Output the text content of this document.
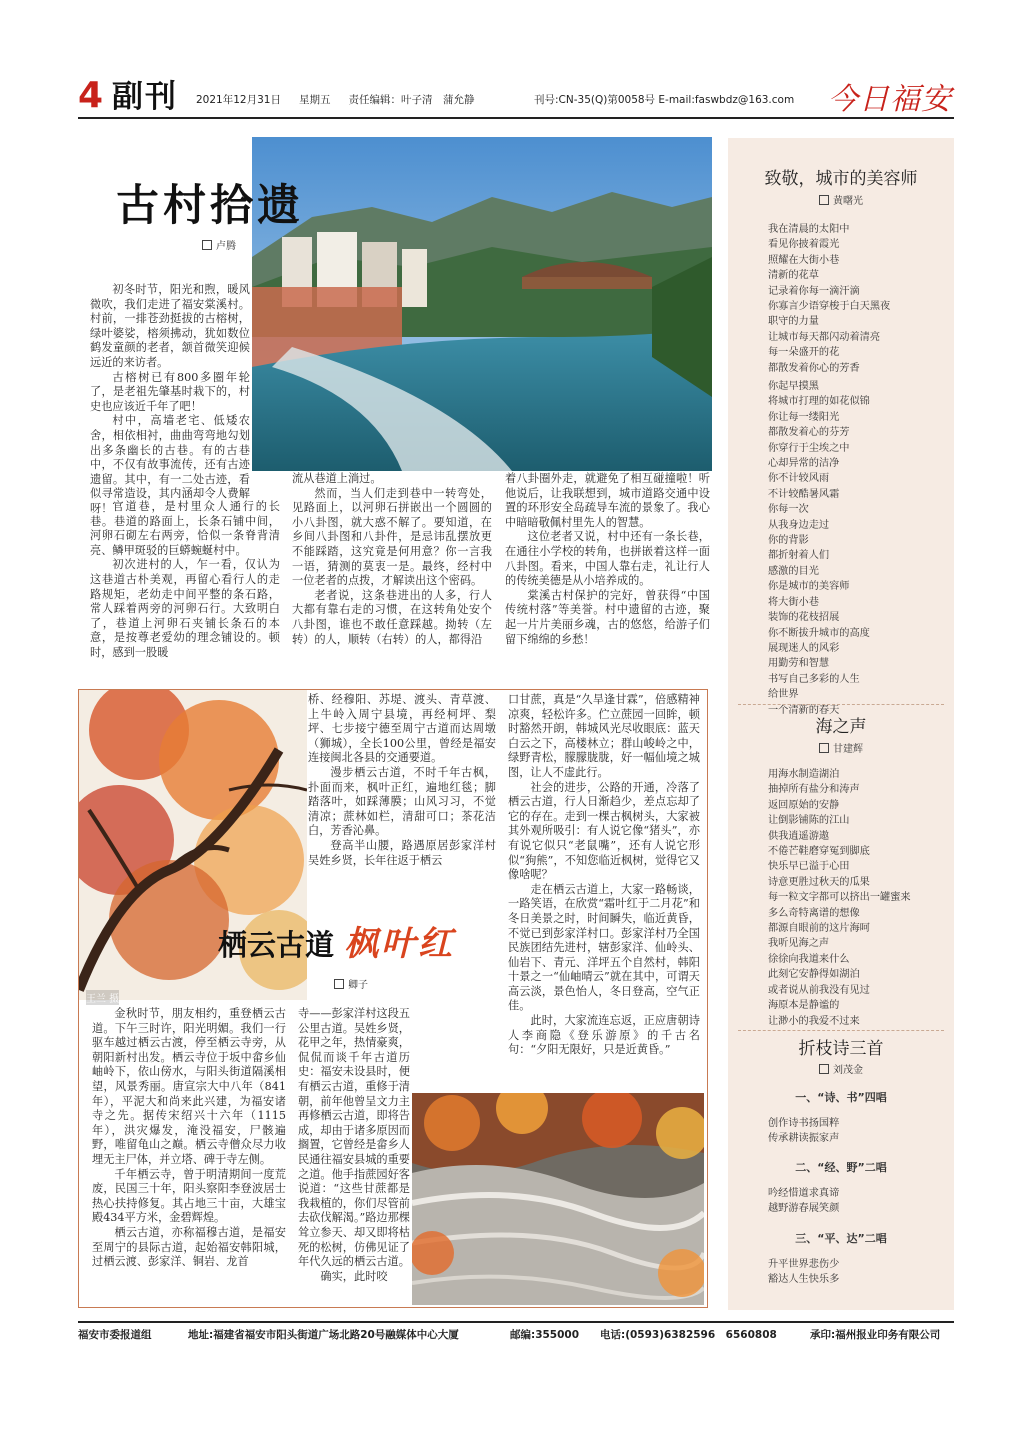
4 副刊 2021年12月31日 星期五 责任编辑：叶子清　蒲允静	刊号:CN-35(Q)第0058号 E-mail:faswbdz@163.com 今日福安
古村拾遗
卢腾

初冬时节，阳光和煦，暖风微吹，我们走进了福安棠溪村。村前，一排苍劲挺拔的古榕树，绿叶婆娑，榕须拂动，犹如数位鹤发童颜的老者，颔首微笑迎候远近的来访者。

古榕树已有800多圈年轮了，是老祖先肇基时栽下的，村史也应该近千年了吧！

村中，高墙老宅、低矮农舍，相依相衬，曲曲弯弯地勾划出多条幽长的古巷。有的古巷中，不仅有故事流传，还有古迹遗留。其中，有一二处古迹，看似寻常造设，其内涵却令人费解呀！ 官道巷，是村里众人通行的长巷。巷道的路面上，长条石铺中间，河卵石砌左右两旁，恰似一条脊背清亮、鳞甲斑驳的巨蟒蜿蜒村中。

初次进村的人，乍一看，仅认为这巷道古朴美观，再留心看行人的走路规矩，老幼走中间平整的条石路，常人踩着两旁的河卵石行。大致明白了，巷道上河卵石夹铺长条石的本意，是按尊老爱幼的理念铺设的。顿时，感到一股暖

流从巷道上淌过。

然而，当人们走到巷中一转弯处，见路面上，以河卵石拼嵌出一个圆圆的小八卦图，就大惑不解了。要知道，在乡间八卦图和八卦件，是忌讳乱摆放更不能踩踏，这究竟是何用意？你一言我一语，猜测的莫衷一是。最终，经村中一位老者的点拨，才解读出这个密码。

老者说，这条巷进出的人多，行人大都有靠右走的习惯，在这转角处安个八卦图，谁也不敢任意踩越。拗转（左转）的人，顺转（右转）的人，都得沿

着八卦圈外走，就避免了相互碰撞啦！听他说后，让我联想到，城市道路交通中设置的环形安全岛疏导车流的景象了。我心中暗暗敬佩村里先人的智慧。

这位老者又说，村中还有一条长巷，在通往小学校的转角，也拼嵌着这样一面八卦图。看来，中国人靠右走，礼让行人的传统美德是从小培养成的。

棠溪古村保护的完好，曾获得“中国传统村落”等美誉。村中遗留的古迹，聚起一片片美丽乡魂，古的悠悠，给游子们留下绵绵的乡愁！

王兰 摄
栖云古道 枫叶红
卿子

桥、经穆阳、苏堤、渡头、青草渡、上牛岭入周宁县境，再经柯坪、梨坪、七步接宁德至周宁古道而达周墩（狮城），全长100公里，曾经是福安连接闽北各县的交通要道。

漫步栖云古道，不时千年古枫，扑面而来，枫叶正红，遍地红毯；脚踏落叶，如踩薄膜；山风习习，不觉清凉；蔗林如栏，清甜可口；茶花洁白，芳香沁鼻。

登高半山腰，路遇原居彭家洋村吴姓乡贤，长年往返于栖云

口甘蔗，真是“久旱逢甘霖”，倍感精神凉爽，轻松许多。伫立蔗园一回眸，顿时豁然开朗，韩城风光尽收眼底：蓝天白云之下，高楼林立；群山峻岭之中，绿野青松，朦朦胧胧，好一幅仙境之城图，让人不虚此行。

社会的进步，公路的开通，冷落了栖云古道，行人日渐趋少，差点忘却了它的存在。走到一棵古枫树头，大家被其外观所吸引：有人说它像“猪头”，亦有说它似只“老鼠嘴”，还有人说它形似“狗熊”，不知您临近枫树，觉得它又像啥呢？

走在栖云古道上，大家一路畅谈，一路笑语，在欣赏“霜叶红于二月花”和冬日美景之时，时间瞬失，临近黄昏，不觉已到彭家洋村口。彭家洋村乃全国民族团结先进村，辖彭家洋、仙岭头、仙岩下、青元、洋坪五个自然村，韩阳十景之一“仙岫晴云”就在其中，可谓天高云淡，景色怡人，冬日登高，空气正佳。

此时，大家流连忘返，正应唐朝诗人李商隐《登乐游原》的千古名句：“夕阳无限好，只是近黄昏。”

金秋时节，朋友相约，重登栖云古道。下午三时许，阳光明媚。我们一行驱车越过栖云古渡，停至栖云寺旁，从朝阳新村出发。栖云寺位于坂中畲乡仙岫岭下，依山傍水，与阳头街道隔溪相望，风景秀丽。唐宣宗大中八年（841年），平泥大和尚来此兴建，为福安诸寺之先。据传宋绍兴十六年（1115年），洪灾爆发，淹没福安，尸骸遍野，唯留龟山之巅。栖云寺僧众尽力收埋无主尸体，并立塔、碑于寺左侧。

千年栖云寺，曾于明清期间一度荒废，民国三十年，阳头察阳李登波居士热心扶持修复。其占地三十亩，大雄宝殿434平方米，金碧辉煌。

栖云古道，亦称福穆古道，是福安至周宁的县际古道，起始福安韩阳城，过栖云渡、彭家洋、铜岩、龙首

寺——彭家洋村这段五公里古道。吴姓乡贤，花甲之年，热情豪爽，侃侃而谈千年古道历史：福安未设县时，便有栖云古道，重修于清朝，前年他曾呈文力主再修栖云古道，即将告成，却由于诸多原因而搁置，它曾经是畲乡人民通往福安县城的重要之道。他手指蔗园好客说道：“这些甘蔗都是我栽植的，你们尽管前去砍伐解渴。”路边那棵耸立参天、却又即将枯死的松树，仿佛见证了年代久远的栖云古道。

确实，此时咬

致敬，城市的美容师
黄曙光
我在清晨的太阳中
看见你披着霞光
照耀在大街小巷
清新的花草
记录着你每一滴汗滴
你寡言少语穿梭于白天黑夜
职守的力量
让城市每天都闪动着清亮
每一朵盛开的花
都散发着你心的芳香
你起早摸黑
将城市打理的如花似锦
你让每一缕阳光
都散发着心的芬芳
你穿行于尘埃之中
心却异常的洁净
你不计较风雨
不计较酷暑风霜
你每一次
从我身边走过
你的背影
都折射着人们
感激的目光
你是城市的美容师
将大街小巷
装饰的花枝招展
你不断拔升城市的高度
展现迷人的风彩
用勤劳和智慧
书写自己多彩的人生
给世界
一个清新的春天
海之声
甘建辉
用海水制造湖泊
抽掉所有盐分和涛声
返回原始的安静
让倒影铺陈的江山
供我逍遥游遨
不倦芒鞋磨穿冤到脚底
快乐早已溢于心田
诗意更胜过秋天的瓜果
每一粒文字都可以挤出一罐蜜来
多么奇特离谱的想像
都源自眼前的这片海呵
我听见海之声
徐徐向我道来什么
此刻它安静得如湖泊
或者说从前我没有见过
海原本是静谧的
让渺小的我爱不过来
折枝诗三首
刘茂金
一、“诗、书”四唱
创作诗书扬国粹
传承耕读振家声
二、“经、野”二唱
吟经惜道求真谛
越野游春展笑颜
三、“平、达”二唱
升平世界悲伤少
豁达人生快乐多
福安市委报道组	地址:福建省福安市阳头街道广场北路20号融媒体中心大厦	邮编:355000 电话:(0593)6382596　6560808	承印:福州报业印务有限公司
